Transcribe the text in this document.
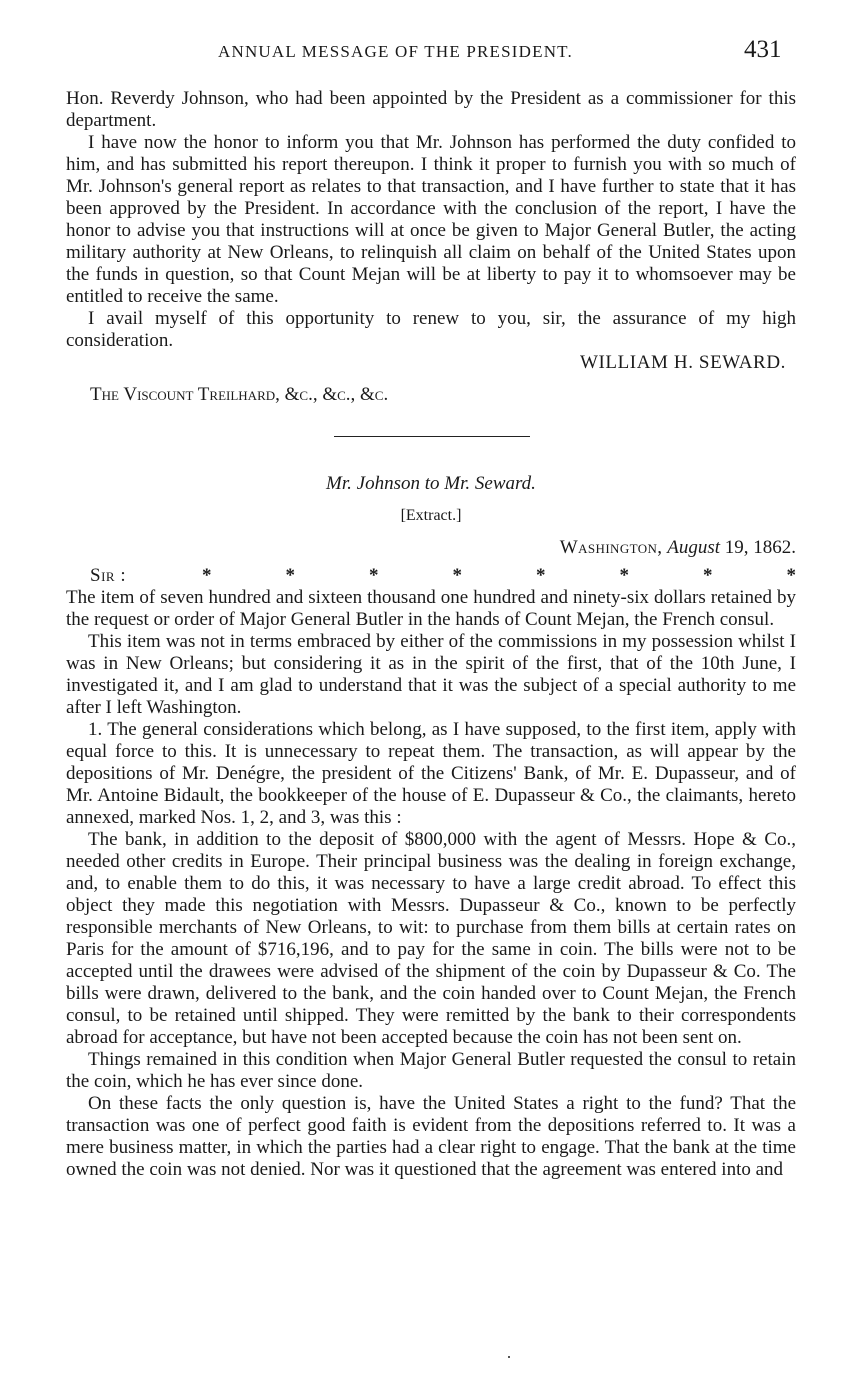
ANNUAL MESSAGE OF THE PRESIDENT.	431

Hon. Reverdy Johnson, who had been appointed by the President as a commissioner for this department.

I have now the honor to inform you that Mr. Johnson has performed the duty confided to him, and has submitted his report thereupon. I think it proper to furnish you with so much of Mr. Johnson's general report as relates to that transaction, and I have further to state that it has been approved by the President. In accordance with the conclusion of the report, I have the honor to advise you that instructions will at once be given to Major General Butler, the acting military authority at New Orleans, to relinquish all claim on behalf of the United States upon the funds in question, so that Count Mejan will be at liberty to pay it to whomsoever may be entitled to receive the same.

I avail myself of this opportunity to renew to you, sir, the assurance of my high consideration.

WILLIAM H. SEWARD.

The Viscount Treilhard, &c., &c., &c.

Mr. Johnson to Mr. Seward.

[Extract.]

Washington, August 19, 1862.

Sir :	*	*	*	*	*	*	*	*

The item of seven hundred and sixteen thousand one hundred and ninety-six dollars retained by the request or order of Major General Butler in the hands of Count Mejan, the French consul.

This item was not in terms embraced by either of the commissions in my possession whilst I was in New Orleans; but considering it as in the spirit of the first, that of the 10th June, I investigated it, and I am glad to understand that it was the subject of a special authority to me after I left Washington.

1. The general considerations which belong, as I have supposed, to the first item, apply with equal force to this. It is unnecessary to repeat them. The transaction, as will appear by the depositions of Mr. Denégre, the president of the Citizens' Bank, of Mr. E. Dupasseur, and of Mr. Antoine Bidault, the bookkeeper of the house of E. Dupasseur & Co., the claimants, hereto annexed, marked Nos. 1, 2, and 3, was this :

The bank, in addition to the deposit of $800,000 with the agent of Messrs. Hope & Co., needed other credits in Europe. Their principal business was the dealing in foreign exchange, and, to enable them to do this, it was necessary to have a large credit abroad. To effect this object they made this negotiation with Messrs. Dupasseur & Co., known to be perfectly responsible merchants of New Orleans, to wit: to purchase from them bills at certain rates on Paris for the amount of $716,196, and to pay for the same in coin. The bills were not to be accepted until the drawees were advised of the shipment of the coin by Dupasseur & Co. The bills were drawn, delivered to the bank, and the coin handed over to Count Mejan, the French consul, to be retained until shipped. They were remitted by the bank to their correspondents abroad for acceptance, but have not been accepted because the coin has not been sent on.

Things remained in this condition when Major General Butler requested the consul to retain the coin, which he has ever since done.

On these facts the only question is, have the United States a right to the fund? That the transaction was one of perfect good faith is evident from the depositions referred to. It was a mere business matter, in which the parties had a clear right to engage. That the bank at the time owned the coin was not denied. Nor was it questioned that the agreement was entered into and
